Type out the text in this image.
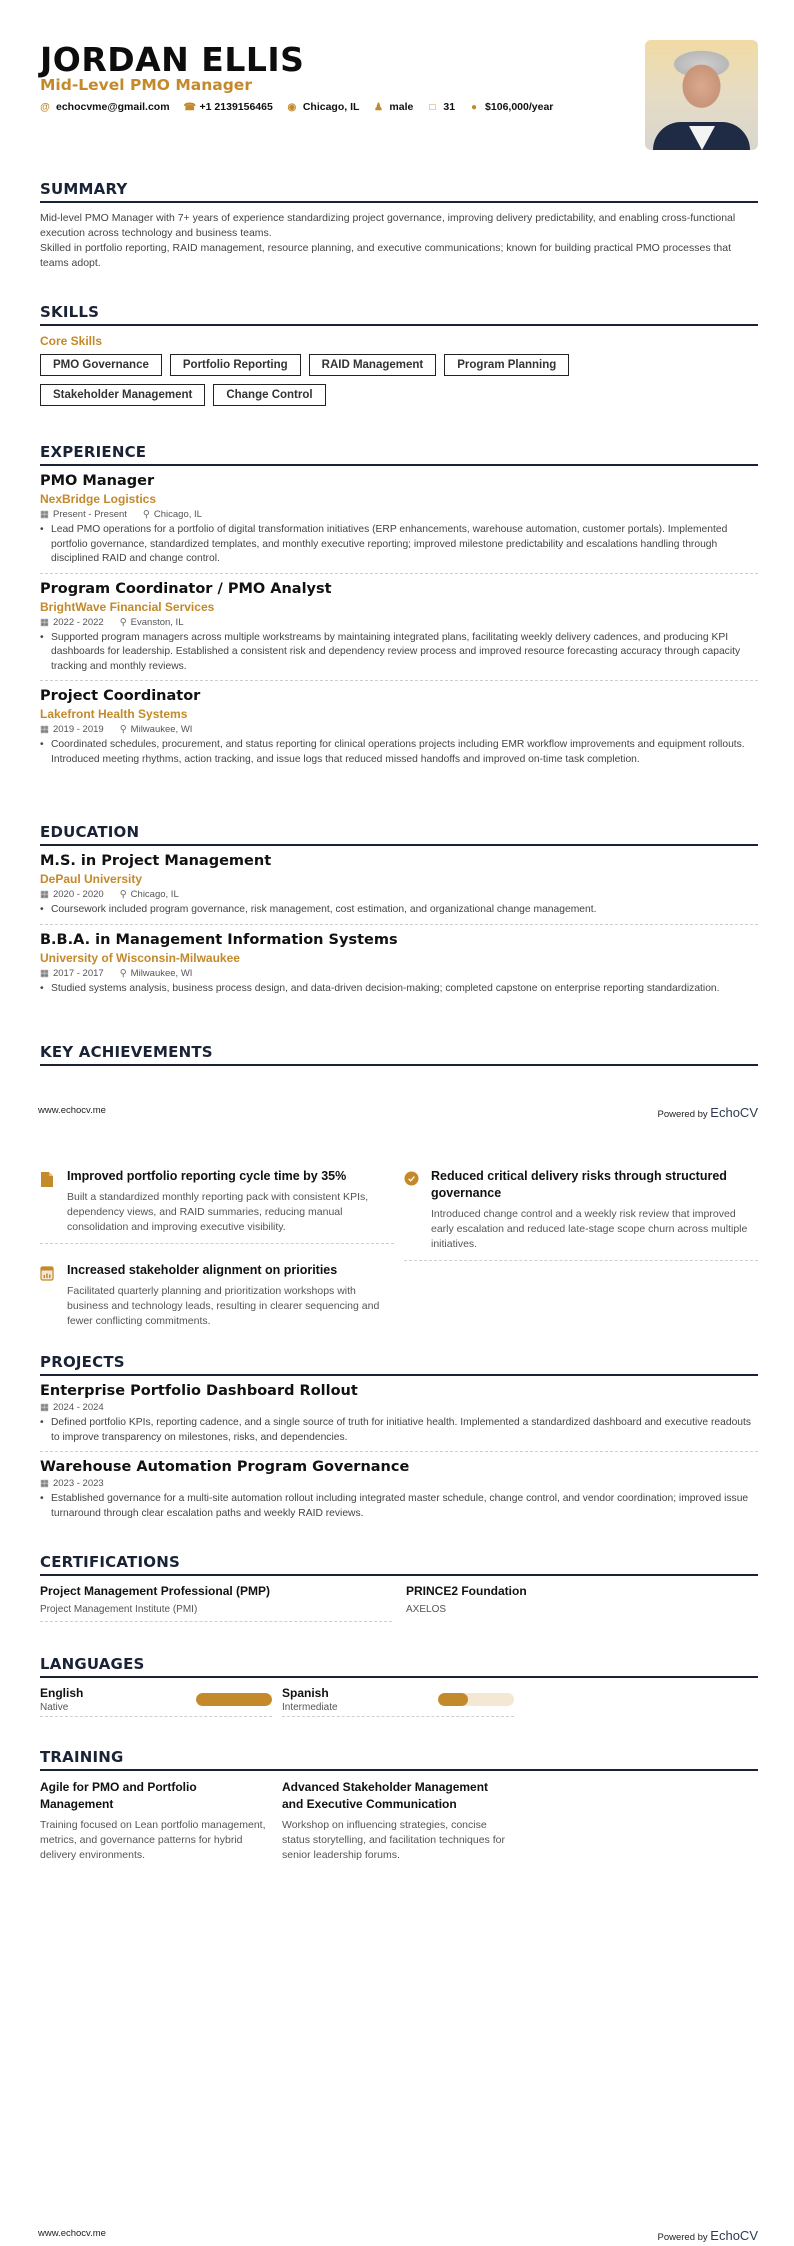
JORDAN ELLIS
Mid-Level PMO Manager
@ echocvme@gmail.com ☎ +1 2139156465 ◉ Chicago, IL ♟ male □ 31 ● $106,000/year
SUMMARY

Mid-level PMO Manager with 7+ years of experience standardizing project governance, improving delivery predictability, and enabling cross-functional execution across technology and business teams.

Skilled in portfolio reporting, RAID management, resource planning, and executive communications; known for building practical PMO processes that teams adopt.

SKILLS
Core Skills
PMO Governance	Portfolio Reporting	RAID Management	Program Planning
Stakeholder Management	Change Control
EXPERIENCE
PMO Manager
NexBridge Logistics
▦ Present - Present ⚲ Chicago, IL
• Lead PMO operations for a portfolio of digital transformation initiatives (ERP enhancements, warehouse automation, customer portals). Implemented portfolio governance, standardized templates, and monthly executive reporting; improved milestone predictability and escalations handling through disciplined RAID and change control.
Program Coordinator / PMO Analyst
BrightWave Financial Services
▦ 2022 - 2022 ⚲ Evanston, IL
• Supported program managers across multiple workstreams by maintaining integrated plans, facilitating weekly delivery cadences, and producing KPI dashboards for leadership. Established a consistent risk and dependency review process and improved resource forecasting accuracy through capacity tracking and monthly reviews.
Project Coordinator
Lakefront Health Systems
▦ 2019 - 2019 ⚲ Milwaukee, WI
• Coordinated schedules, procurement, and status reporting for clinical operations projects including EMR workflow improvements and equipment rollouts. Introduced meeting rhythms, action tracking, and issue logs that reduced missed handoffs and improved on-time task completion.
EDUCATION
M.S. in Project Management
DePaul University
▦ 2020 - 2020 ⚲ Chicago, IL
• Coursework included program governance, risk management, cost estimation, and organizational change management.
B.B.A. in Management Information Systems
University of Wisconsin-Milwaukee
▦ 2017 - 2017 ⚲ Milwaukee, WI
• Studied systems analysis, business process design, and data-driven decision-making; completed capstone on enterprise reporting standardization.
KEY ACHIEVEMENTS
Improved portfolio reporting cycle time by 35%
Built a standardized monthly reporting pack with consistent KPIs, dependency views, and RAID summaries, reducing manual consolidation and improving executive visibility.
Increased stakeholder alignment on priorities
Facilitated quarterly planning and prioritization workshops with business and technology leads, resulting in clearer sequencing and fewer conflicting commitments.
Reduced critical delivery risks through structured governance
Introduced change control and a weekly risk review that improved early escalation and reduced late-stage scope churn across multiple initiatives.
PROJECTS
Enterprise Portfolio Dashboard Rollout
▦ 2024 - 2024
• Defined portfolio KPIs, reporting cadence, and a single source of truth for initiative health. Implemented a standardized dashboard and executive readouts to improve transparency on milestones, risks, and dependencies.
Warehouse Automation Program Governance
▦ 2023 - 2023
• Established governance for a multi-site automation rollout including integrated master schedule, change control, and vendor coordination; improved issue turnaround through clear escalation paths and weekly RAID reviews.
CERTIFICATIONS
Project Management Professional (PMP)
Project Management Institute (PMI)
PRINCE2 Foundation
AXELOS
LANGUAGES
English
Native
Spanish
Intermediate
TRAINING
Agile for PMO and Portfolio Management
Training focused on Lean portfolio management, metrics, and governance patterns for hybrid delivery environments.
Advanced Stakeholder Management and Executive Communication
Workshop on influencing strategies, concise status storytelling, and facilitation techniques for senior leadership forums.
www.echocv.me	Powered by EchoCV
www.echocv.me	Powered by EchoCV
